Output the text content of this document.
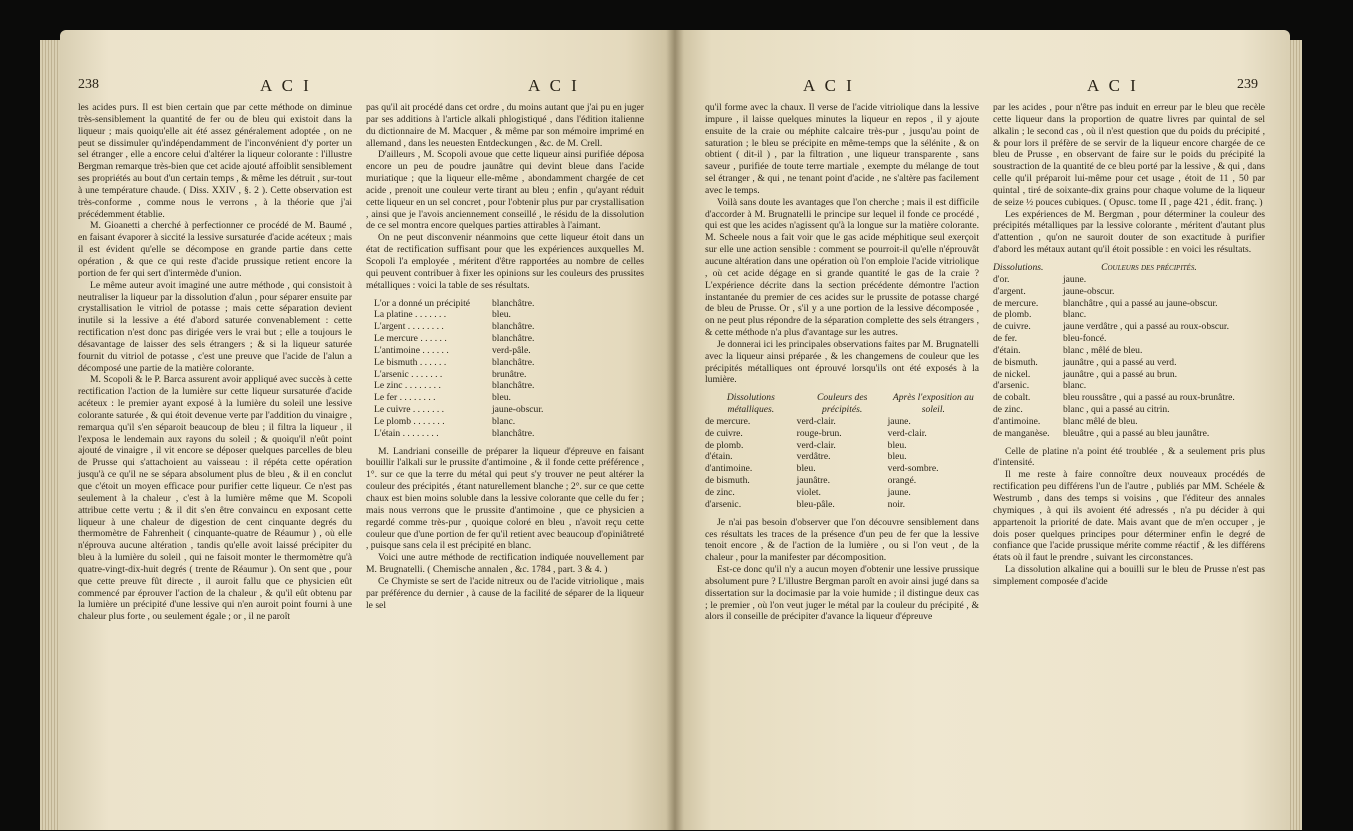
238	A C I	A C I

les acides purs. Il est bien certain que par cette méthode on diminue très-sensiblement la quantité de fer ou de bleu qui existoit dans la liqueur ; mais quoiqu'elle ait été assez généralement adoptée , on ne peut se dissimuler qu'indépendamment de l'inconvénient d'y porter un sel étranger , elle a encore celui d'altérer la liqueur colorante : l'illustre Bergman remarque très-bien que cet acide ajouté affoiblit sensiblement ses propriétés au bout d'un certain temps , & même les détruit , sur-tout à une température chaude. ( Diss. XXIV , §. 2 ). Cette observation est très-conforme , comme nous le verrons , à la théorie que j'ai précédemment établie.

M. Gioanetti a cherché à perfectionner ce procédé de M. Baumé , en faisant évaporer à siccité la lessive sursaturée d'acide acéteux ; mais il est évident qu'elle se décompose en grande partie dans cette opération , & que ce qui reste d'acide prussique retient encore la portion de fer qui sert d'intermède d'union.

Le même auteur avoit imaginé une autre méthode , qui consistoit à neutraliser la liqueur par la dissolution d'alun , pour séparer ensuite par crystallisation le vitriol de potasse ; mais cette séparation devient inutile si la lessive a été d'abord saturée convenablement : cette rectification n'est donc pas dirigée vers le vrai but ; elle a toujours le désavantage de laisser des sels étrangers ; & si la liqueur saturée fournit du vitriol de potasse , c'est une preuve que l'acide de l'alun a décomposé une partie de la matière colorante.

M. Scopoli & le P. Barca assurent avoir appliqué avec succès à cette rectification l'action de la lumière sur cette liqueur sursaturée d'acide acéteux : le premier ayant exposé à la lumière du soleil une lessive colorante saturée , & qui étoit devenue verte par l'addition du vinaigre , remarqua qu'il s'en séparoit beaucoup de bleu ; il filtra la liqueur , il l'exposa le lendemain aux rayons du soleil ; & quoiqu'il n'eût point ajouté de vinaigre , il vit encore se déposer quelques parcelles de bleu de Prusse qui s'attachoient au vaisseau : il répéta cette opération jusqu'à ce qu'il ne se sépara absolument plus de bleu , & il en conclut que c'étoit un moyen efficace pour purifier cette liqueur. Ce n'est pas seulement à la chaleur , c'est à la lumière même que M. Scopoli attribue cette vertu ; & il dit s'en être convaincu en exposant cette liqueur à une chaleur de digestion de cent cinquante degrés du thermomètre de Fahrenheit ( cinquante-quatre de Réaumur ) , où elle n'éprouva aucune altération , tandis qu'elle avoit laissé précipiter du bleu à la lumière du soleil , qui ne faisoit monter le thermomètre qu'à quatre-vingt-dix-huit degrés ( trente de Réaumur ). On sent que , pour que cette preuve fût directe , il auroit fallu que ce physicien eût commencé par éprouver l'action de la chaleur , & qu'il eût obtenu par la lumière un précipité d'une lessive qui n'en auroit point fourni à une chaleur plus forte , ou seulement égale ; or , il ne paroît

pas qu'il ait procédé dans cet ordre , du moins autant que j'ai pu en juger par ses additions à l'article alkali phlogistiqué , dans l'édition italienne du dictionnaire de M. Macquer , & même par son mémoire imprimé en allemand , dans les neuesten Entdeckungen , &c. de M. Crell.

D'ailleurs , M. Scopoli avoue que cette liqueur ainsi purifiée déposa encore un peu de poudre jaunâtre qui devint bleue dans l'acide muriatique ; que la liqueur elle-même , abondamment chargée de cet acide , prenoit une couleur verte tirant au bleu ; enfin , qu'ayant réduit cette liqueur en un sel concret , pour l'obtenir plus pur par crystallisation , ainsi que je l'avois anciennement conseillé , le résidu de la dissolution de ce sel montra encore quelques parties attirables à l'aimant.

On ne peut disconvenir néanmoins que cette liqueur étoit dans un état de rectification suffisant pour que les expériences auxquelles M. Scopoli l'a employée , méritent d'être rapportées au nombre de celles qui peuvent contribuer à fixer les opinions sur les couleurs des prussites métalliques : voici la table de ses résultats.

L'or a donné un précipité	blanchâtre.
La platine . . . . . . .	bleu.
L'argent . . . . . . . .	blanchâtre.
Le mercure . . . . . .	blanchâtre.
L'antimoine . . . . . .	verd-pâle.
Le bismuth . . . . . .	blanchâtre.
L'arsenic . . . . . . .	brunâtre.
Le zinc . . . . . . . .	blanchâtre.
Le fer . . . . . . . .	bleu.
Le cuivre . . . . . . .	jaune-obscur.
Le plomb . . . . . . .	blanc.
L'étain . . . . . . . .	blanchâtre.

M. Landriani conseille de préparer la liqueur d'épreuve en faisant bouillir l'alkali sur le prussite d'antimoine , & il fonde cette préférence , 1°. sur ce que la terre du métal qui peut s'y trouver ne peut altérer la couleur des précipités , étant naturellement blanche ; 2°. sur ce que cette chaux est bien moins soluble dans la lessive colorante que celle du fer ; mais nous verrons que le prussite d'antimoine , que ce physicien a regardé comme très-pur , quoique coloré en bleu , n'avoit reçu cette couleur que d'une portion de fer qu'il retient avec beaucoup d'opiniâtreté , puisque sans cela il est précipité en blanc.

Voici une autre méthode de rectification indiquée nouvellement par M. Brugnatelli. ( Chemische annalen , &c. 1784 , part. 3 & 4. )

Ce Chymiste se sert de l'acide nitreux ou de l'acide vitriolique , mais par préférence du dernier , à cause de la facilité de séparer de la liqueur le sel

A C I	A C I	239

qu'il forme avec la chaux. Il verse de l'acide vitriolique dans la lessive impure , il laisse quelques minutes la liqueur en repos , il y ajoute ensuite de la craie ou méphite calcaire très-pur , jusqu'au point de saturation ; le bleu se précipite en même-temps que la sélénite , & on obtient ( dit-il ) , par la filtration , une liqueur transparente , sans saveur , purifiée de toute terre martiale , exempte du mélange de tout sel étranger , & qui , ne tenant point d'acide , ne s'altère pas facilement avec le temps.

Voilà sans doute les avantages que l'on cherche ; mais il est difficile d'accorder à M. Brugnatelli le principe sur lequel il fonde ce procédé , qui est que les acides n'agissent qu'à la longue sur la matière colorante. M. Scheele nous a fait voir que le gas acide méphitique seul exerçoit sur elle une action sensible : comment se pourroit-il qu'elle n'éprouvât aucune altération dans une opération où l'on emploie l'acide vitriolique , où cet acide dégage en si grande quantité le gas de la craie ? L'expérience décrite dans la section précédente démontre l'action instantanée du premier de ces acides sur le prussite de potasse chargé de bleu de Prusse. Or , s'il y a une portion de la lessive décomposée , on ne peut plus répondre de la séparation complette des sels étrangers , & cette méthode n'a plus d'avantage sur les autres.

Je donnerai ici les principales observations faites par M. Brugnatelli avec la liqueur ainsi préparée , & les changemens de couleur que les précipités métalliques ont éprouvé lorsqu'ils ont été exposés à la lumière.

Dissolutions métalliques.	Couleurs des précipités.	Après l'exposition au soleil.
de mercure.	verd-clair.	jaune.
de cuivre.	rouge-brun.	verd-clair.
de plomb.	verd-clair.	bleu.
d'étain.	verdâtre.	bleu.
d'antimoine.	bleu.	verd-sombre.
de bismuth.	jaunâtre.	orangé.
de zinc.	violet.	jaune.
d'arsenic.	bleu-pâle.	noir.

Je n'ai pas besoin d'observer que l'on découvre sensiblement dans ces résultats les traces de la présence d'un peu de fer que la lessive tenoit encore , & de l'action de la lumière , ou si l'on veut , de la chaleur , pour la manifester par décomposition.

Est-ce donc qu'il n'y a aucun moyen d'obtenir une lessive prussique absolument pure ? L'illustre Bergman paroît en avoir ainsi jugé dans sa dissertation sur la docimasie par la voie humide ; il distingue deux cas ; le premier , où l'on veut juger le métal par la couleur du précipité , & alors il conseille de précipiter d'avance la liqueur d'épreuve

par les acides , pour n'être pas induit en erreur par le bleu que recèle cette liqueur dans la proportion de quatre livres par quintal de sel alkalin ; le second cas , où il n'est question que du poids du précipité , & pour lors il préfère de se servir de la liqueur encore chargée de ce bleu de Prusse , en observant de faire sur le poids du précipité la soustraction de la quantité de ce bleu porté par la lessive , & qui , dans celle qu'il préparoit lui-même pour cet usage , étoit de 11 , 50 par quintal , tiré de soixante-dix grains pour chaque volume de la liqueur de seize ½ pouces cubiques. ( Opusc. tome II , page 421 , édit. franç. )

Les expériences de M. Bergman , pour déterminer la couleur des précipités métalliques par la lessive colorante , méritent d'autant plus d'attention , qu'on ne sauroit douter de son exactitude à purifier d'abord les métaux autant qu'il étoit possible : en voici les résultats.

Dissolutions.	Couleurs des précipités.
d'or.	jaune.
d'argent.	jaune-obscur.
de mercure.	blanchâtre , qui a passé au jaune-obscur.
de plomb.	blanc.
de cuivre.	jaune verdâtre , qui a passé au roux-obscur.
de fer.	bleu-foncé.
d'étain.	blanc , mêlé de bleu.
de bismuth.	jaunâtre , qui a passé au verd.
de nickel.	jaunâtre , qui a passé au brun.
d'arsenic.	blanc.
de cobalt.	bleu roussâtre , qui a passé au roux-brunâtre.
de zinc.	blanc , qui a passé au citrin.
d'antimoine.	blanc mêlé de bleu.
de manganèse.	bleuâtre , qui a passé au bleu jaunâtre.

Celle de platine n'a point été troublée , & a seulement pris plus d'intensité.

Il me reste à faire connoître deux nouveaux procédés de rectification peu différens l'un de l'autre , publiés par MM. Schéele & Westrumb , dans des temps si voisins , que l'éditeur des annales chymiques , à qui ils avoient été adressés , n'a pu décider à qui appartenoit la priorité de date. Mais avant que de m'en occuper , je dois poser quelques principes pour déterminer enfin le degré de confiance que l'acide prussique mérite comme réactif , & les différens états où il faut le prendre , suivant les circonstances.

La dissolution alkaline qui a bouilli sur le bleu de Prusse n'est pas simplement composée d'acide
